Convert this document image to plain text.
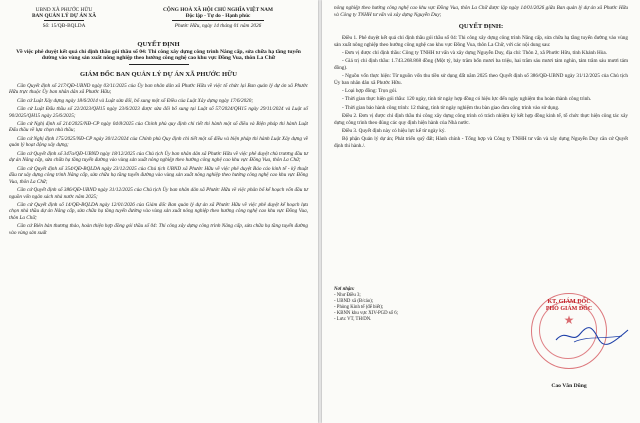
UBND XÃ PHƯỚC HỮU
BAN QUẢN LÝ DỰ ÁN XÃ
Số: 15/QĐ-BQLDA
CỘNG HOÀ XÃ HỘI CHỦ NGHĨA VIỆT NAM
Độc lập - Tự do - Hạnh phúc
Phước Hữu, ngày 14 tháng 01 năm 2026
QUYẾT ĐỊNH
Về việc phê duyệt kết quả chỉ định thầu gói thầu số 04: Thi công xây dựng công trình Nâng cấp, sửa chữa hạ tầng tuyến đường vào vùng sản xuất nông nghiệp theo hướng công nghệ cao khu vực Đồng Vua, thôn La Chữ
GIÁM ĐỐC BAN QUẢN LÝ DỰ ÁN XÃ PHƯỚC HỮU

Căn Quyết định số 217/QĐ-UBND ngày 03/11/2025 của Ủy ban nhân dân xã Phước Hữu về việc tổ chức lại Ban quản lý dự án xã Phước Hữu trực thuộc Ủy ban nhân dân xã Phước Hữu;

Căn cứ Luật Xây dựng ngày 18/6/2014 và Luật sửa đổi, bổ sung một số Điều của Luật Xây dựng ngày 17/6/2020;

Căn cứ Luật Đấu thầu số 22/2023/QH15 ngày 23/6/2023 được sửa đổi bổ sung tại Luật số 57/2024/QH15 ngày 29/11/2024 và Luật số 90/2025/QH15 ngày 25/6/2025;

Căn cứ Nghị định số 214/2025/NĐ-CP ngày 04/8/2025 của Chính phủ quy định chi tiết thi hành một số điều và Biện pháp thi hành Luật Đấu thầu về lựa chọn nhà thầu;

Căn cứ Nghị định 175/2025/NĐ-CP ngày 30/12/2024 của Chính phủ Quy định chi tiết một số điều và biện pháp thi hành Luật Xây dựng về quản lý hoạt động xây dựng;

Căn cứ Quyết định số 347a/QĐ-UBND ngày 18/12/2025 của Chủ tịch Ủy ban nhân dân xã Phước Hữu về việc phê duyệt chủ trương đầu tư dự án Nâng cấp, sửa chữa hạ tầng tuyến đường vào vùng sản xuất nông nghiệp theo hướng công nghệ cao khu vực Đồng Vua, thôn La Chữ;

Căn cứ Quyết định số 354/QĐ-BQLDA ngày 23/12/2025 của Chủ tịch UBND xã Phước Hữu về việc phê duyệt Báo cáo kinh tế - kỹ thuật đầu tư xây dựng công trình Nâng cấp, sửa chữa hạ tầng tuyến đường vào vùng sản xuất nông nghiệp theo hướng công nghệ cao khu vực Đồng Vua, thôn La Chữ;

Căn cứ Quyết định số 386/QĐ-UBND ngày 31/12/2025 của Chủ tịch Ủy ban nhân dân xã Phước Hữu về việc phân bổ kế hoạch vốn đầu tư nguồn vốn ngân sách nhà nước năm 2025;

Căn cứ Quyết định số 14/QĐ-BQLDA ngày 12/01/2026 của Giám đốc Ban quản lý dự án xã Phước Hữu về việc phê duyệt kế hoạch lựa chọn nhà thầu dự án Nâng cấp, sửa chữa hạ tầng tuyến đường vào vùng sản xuất nông nghiệp theo hướng công nghệ cao khu vực Đồng Vua, thôn La Chữ;

Căn cứ Biên bản thương thảo, hoàn thiện hợp đồng gói thầu số 04: Thi công xây dựng công trình Nâng cấp, sửa chữa hạ tầng tuyến đường vào vùng sản xuất

nông nghiệp theo hướng công nghệ cao khu vực Đồng Vua, thôn La Chữ được lập ngày 14/01/2026 giữa Ban quản lý dự án xã Phước Hữu và Công ty TNHH tư vấn và xây dựng Nguyễn Duy;

QUYẾT ĐỊNH:

Điều 1. Phê duyệt kết quả chỉ định thầu gói thầu số 04: Thi công xây dựng công trình Nâng cấp, sửa chữa hạ tầng tuyến đường vào vùng sản xuất nông nghiệp theo hướng công nghệ cao khu vực Đồng Vua, thôn La Chữ, với các nội dung sau:

- Đơn vị được chỉ định thầu: Công ty TNHH tư vấn và xây dựng Nguyễn Duy, địa chỉ: Thôn 2, xã Phước Hữu, tỉnh Khánh Hòa.

- Giá trị chỉ định thầu: 1.743.268.868 đồng (Một tỷ, bảy trăm bốn mươi ba triệu, hai trăm sáu mươi tám nghìn, tám trăm sáu mươi tám đồng).

- Nguồn vốn thực hiện: Từ nguồn vốn thu tiền sử dụng đất năm 2025 theo Quyết định số 386/QĐ-UBND ngày 31/12/2025 của Chủ tịch Ủy ban nhân dân xã Phước Hữu.

- Loại hợp đồng: Trọn gói.

- Thời gian thực hiện gói thầu: 120 ngày, tính từ ngày hợp đồng có hiệu lực đến ngày nghiệm thu hoàn thành công trình.

- Thời gian bảo hành công trình: 12 tháng, tính từ ngày nghiệm thu bàn giao đưa công trình vào sử dụng.

Điều 2. Đơn vị được chỉ định thầu thi công xây dựng công trình có trách nhiệm ký kết hợp đồng kinh tế, tổ chức thực hiện công tác xây dựng công trình theo đúng các quy định hiện hành của Nhà nước.

Điều 3. Quyết định này có hiệu lực kể từ ngày ký.

Bộ phận Quản lý dự án; Phát triển quỹ đất; Hành chính - Tổng hợp và Công ty TNHH tư vấn và xây dựng Nguyễn Duy căn cứ Quyết định thi hành./.

Nơi nhận:
- Như Điều 3;
- UBND xã (B/cáo);
- Phòng Kinh tế (để biết);
- KBNN khu vực XIV-PGD số 6;
- Lưu: VT, TH/DN.	★
KT. GIÁM ĐỐC
PHÓ GIÁM ĐỐC
Cao Văn Dũng
